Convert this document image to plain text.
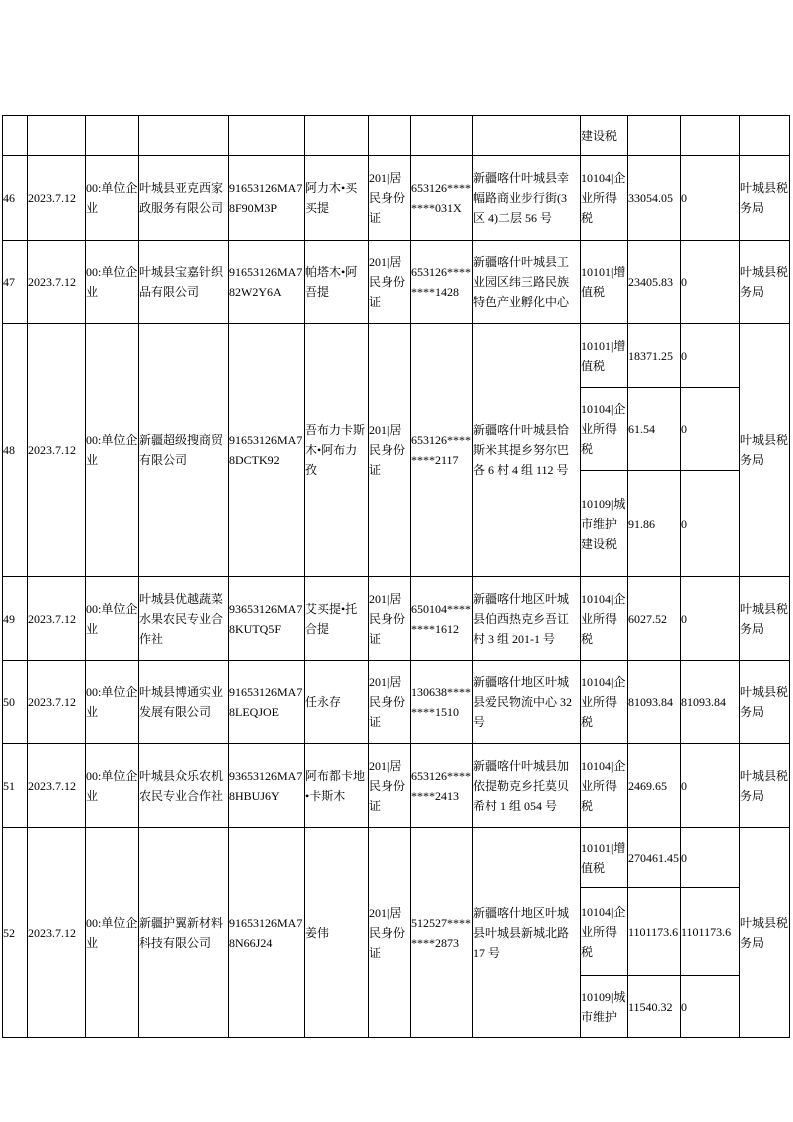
									建设税			
46	2023.7.12	00:单位企业	叶城县亚克西家政服务有限公司	91653126MA78F90M3P	阿力木•买买提	201|居民身份证	653126********031X	新疆喀什叶城县幸幅路商业步行街(3 区 4)二层 56 号	10104|企业所得税	33054.05	0	叶城县税务局
47	2023.7.12	00:单位企业	叶城县宝嘉针织品有限公司	91653126MA782W2Y6A	帕塔木•阿吾提	201|居民身份证	653126********1428	新疆喀什叶城县工业园区纬三路民族特色产业孵化中心	10101|增值税	23405.83	0	叶城县税务局
48	2023.7.12	00:单位企业	新疆超级搜商贸有限公司	91653126MA78DCTK92	吾布力卡斯木•阿布力孜	201|居民身份证	653126********2117	新疆喀什叶城县恰斯米其提乡努尔巴各 6 村 4 组 112 号	10101|增值税	18371.25	0	叶城县税务局
									10104|企业所得税	61.54	0	
									10109|城市维护建设税	91.86	0	
49	2023.7.12	00:单位企业	叶城县优越蔬菜水果农民专业合作社	93653126MA78KUTQ5F	艾买提•托合提	201|居民身份证	650104********1612	新疆喀什地区叶城县伯西热克乡吾讧村 3 组 201-1 号	10104|企业所得税	6027.52	0	叶城县税务局
50	2023.7.12	00:单位企业	叶城县博通实业发展有限公司	91653126MA78LEQJOE	任永存	201|居民身份证	130638********1510	新疆喀什地区叶城县爱民物流中心 32 号	10104|企业所得税	81093.84	81093.84	叶城县税务局
51	2023.7.12	00:单位企业	叶城县众乐农机农民专业合作社	93653126MA78HBUJ6Y	阿布都卡地•卡斯木	201|居民身份证	653126********2413	新疆喀什叶城县加依提勒克乡托莫贝希村 1 组 054 号	10104|企业所得税	2469.65	0	叶城县税务局
52	2023.7.12	00:单位企业	新疆护翼新材料科技有限公司	91653126MA78N66J24	姜伟	201|居民身份证	512527********2873	新疆喀什地区叶城县叶城县新城北路 17 号	10101|增值税	270461.45	0	叶城县税务局
									10104|企业所得税	1101173.6	1101173.6	
									10109|城市维护	11540.32	0	
